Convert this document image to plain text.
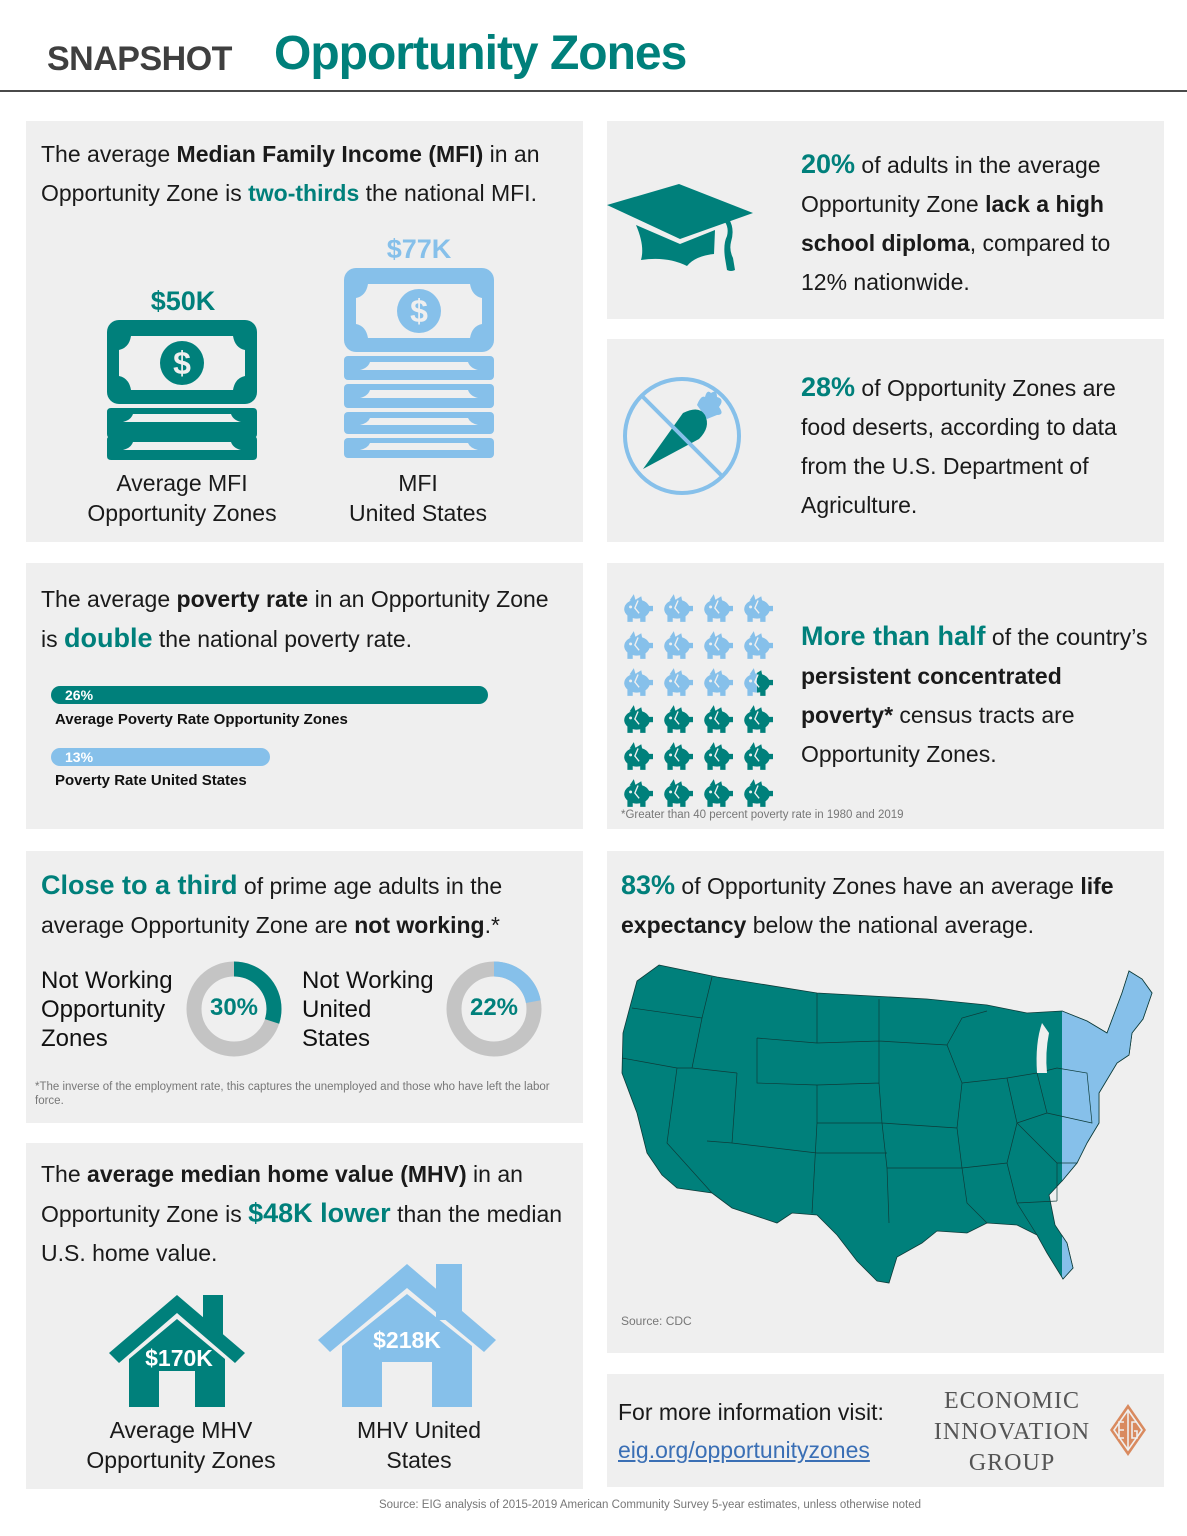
SNAPSHOT Opportunity Zones
The average Median Family Income (MFI) in an Opportunity Zone is two-thirds the national MFI.
$50K
$
Average MFI
Opportunity Zones
$77K
$
MFI
United States
20% of adults in the average Opportunity Zone lack a high school diploma, compared to 12% nationwide.
28% of Opportunity Zones are food deserts, according to data from the U.S. Department of Agriculture.
The average poverty rate in an Opportunity Zone is double the national poverty rate.
26%
Average Poverty Rate Opportunity Zones
13%
Poverty Rate United States
More than half of the country’s persistent concentrated poverty* census tracts are Opportunity Zones.
*Greater than 40 percent poverty rate in 1980 and 2019
Close to a third of prime age adults in the average Opportunity Zone are not working.*
Not Working
Opportunity
Zones
30%
Not Working
United
States
22%
*The inverse of the employment rate, this captures the unemployed and those who have left the labor force.
The average median home value (MHV) in an Opportunity Zone is $48K lower than the median U.S. home value.
$170K
Average MHV
Opportunity Zones
$218K
MHV United
States
83% of Opportunity Zones have an average life expectancy below the national average.
Source: CDC
For more information visit:
eig.org/opportunityzones
ECONOMIC
INNOVATION
GROUP
Source: EIG analysis of 2015-2019 American Community Survey 5-year estimates, unless otherwise noted
